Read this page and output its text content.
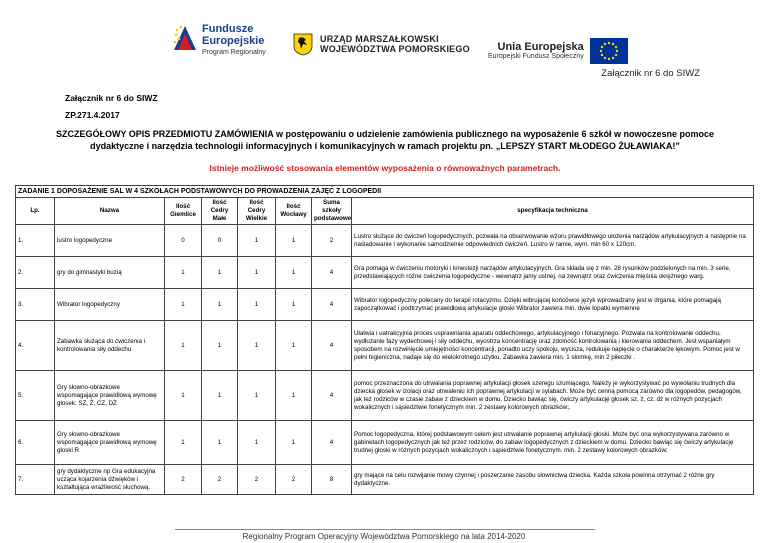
Fundusze
Europejskie
Program Regionalny
URZĄD MARSZAŁKOWSKI
WOJEWÓDZTWA POMORSKIEGO	Unia Europejska
Europejski Fundusz Społeczny
Załącznik nr 6 do SIWZ
Załącznik nr 6 do SIWZ
ZP.271.4.2017
SZCZEGÓŁOWY OPIS PRZEDMIOTU ZAMÓWIENIA w postępowaniu o udzielenie zamówienia publicznego na wyposażenie 6 szkół w nowoczesne pomoce dydaktyczne i narzędzia technologii informacyjnych i komunikacyjnych w ramach projektu pn. „LEPSZY START MŁODEGO ŻUŁAWIAKA!”
Istnieje możliwość stosowania elementów wyposażenia o równoważnych parametrach.
ZADANIE 1 DOPOSAŻENIE SAL W 4 SZKOŁACH PODSTAWOWYCH DO PROWADZENIA ZAJĘĆ Z LOGOPEDII							
Lp.	Nazwa	Ilość Giemlice	Ilość Cedry Małe	Ilość Cedry Wielkie	Ilość Wocławy	Suma szkoły podstawowe	specyfikacja techniczna
1.	lustro logopedyczne	0	0	1	1	2	Lustro służące do ćwiczeń logopedycznych, pozwala na obserwowanie wzoru prawidłowego ułożenia narządów artykulacyjnych a następnie na naśladowanie i wykonanie samodzielnie odpowiednich ćwiczeń. Lustro w ramie, wym. min 60 x 120cm.
2.	gry do gimnastyki buzią	1	1	1	1	4	Gra pomaga w ćwiczeniu motoryki i kinestezji narządów artykulacyjnych. Gra składa się z min. 28 rysunków podzielonych na min. 3 serie, przedstawiających różne ćwiczenia logopedyczne - wewnątrz jamy ustnej, na zewnątrz oraz ćwiczenia mięśnia okrężnego warg.
3.	Wibrator logopedyczny	1	1	1	1	4	Wibrator logopedyczny polecany do terapii rotacyzmu. Dzięki wibrującej końcówce język wprowadzany jest w drgania, które pomagają zapoczątkować i podtrzymać prawidłową artykulacje głoski Wibrator zawiera min. dwie łopatki wymienne
4.	Zabawka służąca do ćwiczenia i kontrolowania siły oddechu	1	1	1	1	4	Ułatwia i uatrakcyjnia proces usprawniania aparatu oddechowego, artykulacyjnego i fonacyjnego. Pozwala na kontrolowanie oddechu, wydłużanie fazy wydechowej i siły oddechu, wyostrza koncentrację oraz zdolność kontrolowania i kierowania oddechem. Jest wspaniałym sposobem na rozwinięcie umiejętności koncentracji, ponadto uczy spokoju, wycisza, redukuje napięcie o charakterze lękowym. Pomoc jest w pełni higieniczna, nadaje się do wielokrotnego użytku. Zabawka zawiera min. 1 słomkę, min 2 piłeczki .
5.	Gry słowno-obrazkowe wspomagające prawidłową wymowę głosek: SZ, Ż, CZ, DŻ	1	1	1	1	4	pomoc przeznaczona do utrwalania poprawnej artykulacji głosek szeregu szumiącego. Należy je wykorzystywać po wywołaniu trudnych dla dziecka głosek w izolacji oraz utrwaleniu ich poprawnej artykulacji w sylabach. Może być cenną pomocą zarówno dla logopedów, pedagogów, jak też rodziców w czasie zabaw z dzieckiem w domu. Dziecko bawiąc się, ćwiczy artykulację głosek sz, ż, cz, dż w różnych pozycjach wokalicznych i sąsiedztwie fonetycznym min. 2 zestawy kolorowych obrazków;.
6.	Gry słowno-obrazkowe wspomagające prawidłową wymowę głoski R	1	1	1	1	4	Pomoc logopedyczna, której podstawowym celem jest utrwalanie poprawnej artykulacji głoski. Może być ona wykorzystywana zarówno w gabinetach logopedycznych jak też przez rodziców, do zabaw logopedycznych z dzieckiem w domu. Dziecko bawiąc się ćwiczy artykulację trudnej głoski w różnych pozycjach wokalicznych i sąsiedztwie fonetycznym. min. 2 zestawy kolorowych obrazków;
7.	gry dydaktyczne np Gra edukacyjna ucząca kojarzenia dźwięków i kształtująca wrażliwość słuchową.	2	2	2	2	8	gry mające na celu rozwijanie mowy czynnej i poszerzanie zasobu słownictwa dziecka. Każda szkoła powinna otrzymać 2 różne gry dydaktyczne.
Regionalny Program Operacyjny Województwa Pomorskiego na lata 2014-2020
